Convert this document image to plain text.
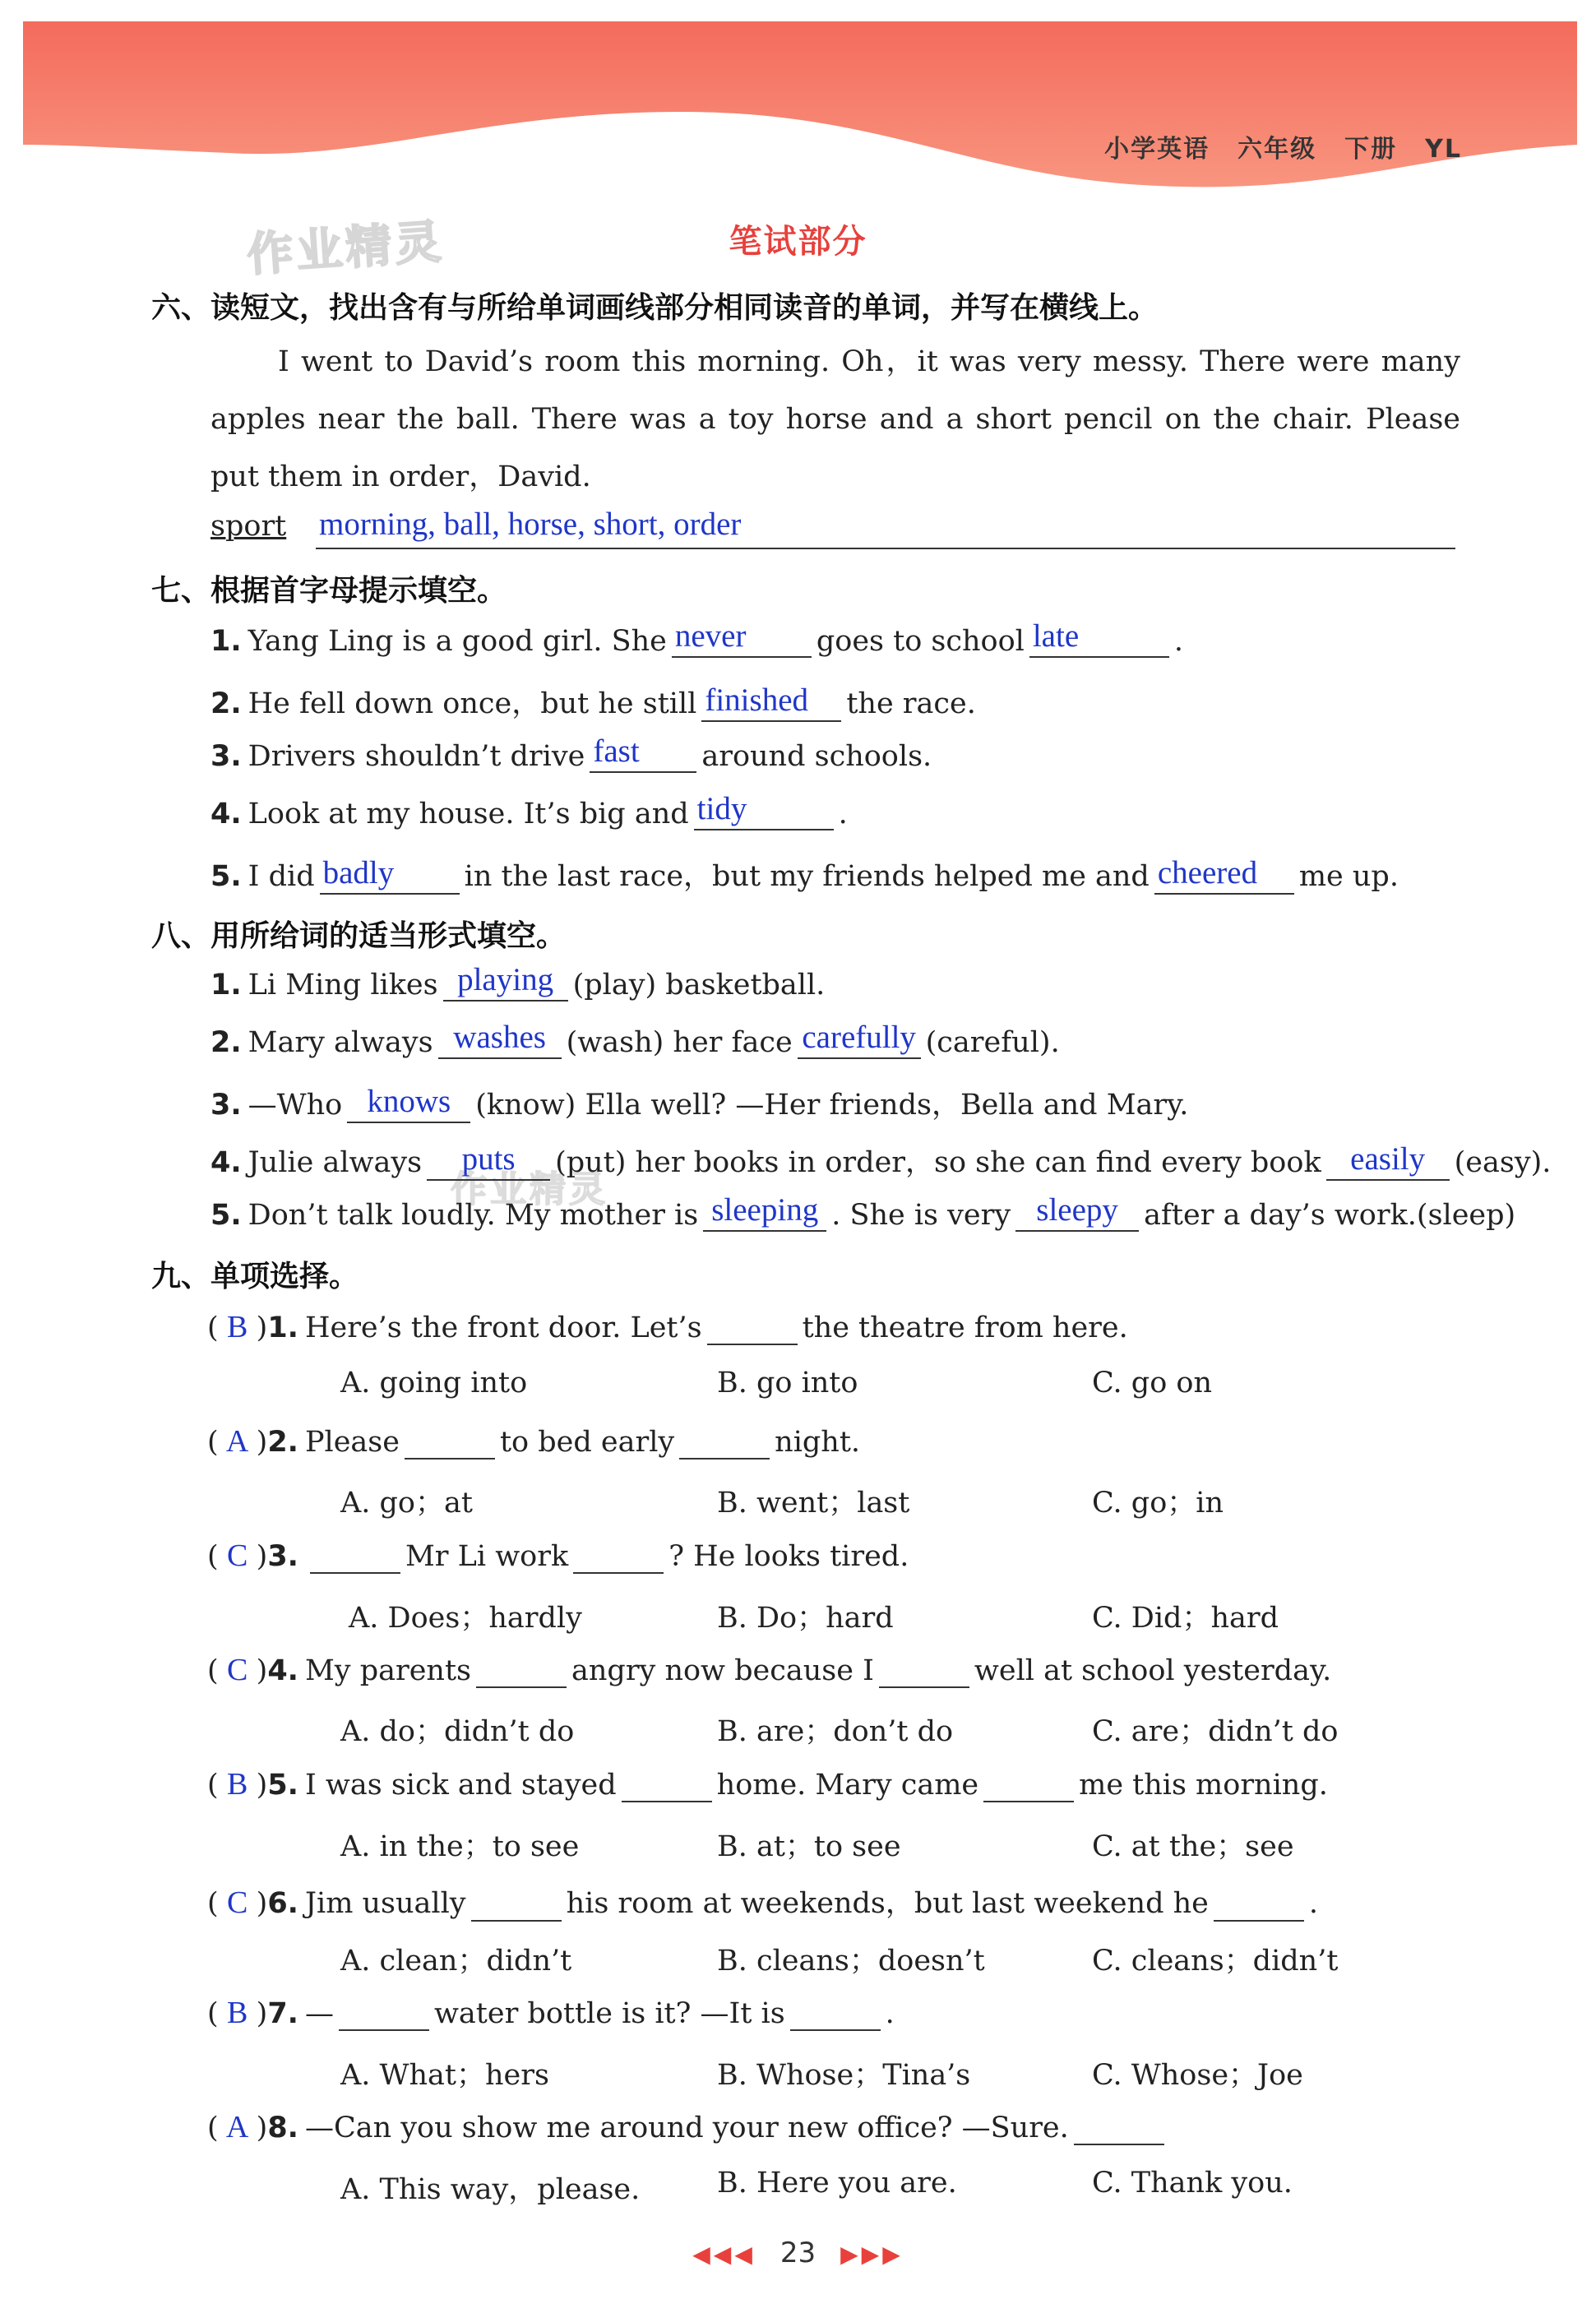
小学英语 六年级 下册 YL
作业精灵
作业精灵
笔试部分
六、读短文，找出含有与所给单词画线部分相同读音的单词，并写在横线上。
I went to David’s room this morning. Oh，it was very messy. There were many apples near the ball. There was a toy horse and a short pencil on the chair. Please put them in order，David.
sport morning, ball, horse, short, order
七、根据首字母提示填空。
1. Yang Ling is a good girl. She never goes to school late	.
2. He fell down once，but he still finished the race.
3. Drivers shouldn’t drive fast around schools.
4. Look at my house. It’s big and tidy	.
5. I did badly in the last race，but my friends helped me and cheered me up.
八、用所给词的适当形式填空。
1. Li Ming likes playing (play) basketball.
2. Mary always washes (wash) her face carefully (careful).
3. —Who knows (know) Ella well? —Her friends，Bella and Mary.
4. Julie always	puts	(put) her books in order，so she can find every book easily	(easy).
5. Don’t talk loudly. My mother is sleeping . She is very sleepy after a day’s work.(sleep)
九、单项选择。
( B )1. Here’s the front door. Let’s	the theatre from here.
A. going into	B. go into	C. go on
( A )2. Please	to bed early	night.
A. go；at	B. went；last	C. go；in
( C )3.	Mr Li work	? He looks tired.
A. Does；hardly	B. Do；hard	C. Did；hard
( C )4. My parents	angry now because I	well at school yesterday.
A. do；didn’t do	B. are；don’t do	C. are；didn’t do
( B )5. I was sick and stayed	home. Mary came	me this morning.
A. in the；to see	B. at；to see	C. at the；see
( C )6. Jim usually	his room at weekends，but last weekend he	.
A. clean；didn’t	B. cleans；doesn’t	C. cleans；didn’t
( B )7. —	water bottle is it? —It is	.
A. What；hers	B. Whose；Tina’s	C. Whose；Joe
( A )8. —Can you show me around your new office? —Sure.
A. This way，please.	B. Here you are.	C. Thank you.
◀◀◀ 23 ▶▶▶
